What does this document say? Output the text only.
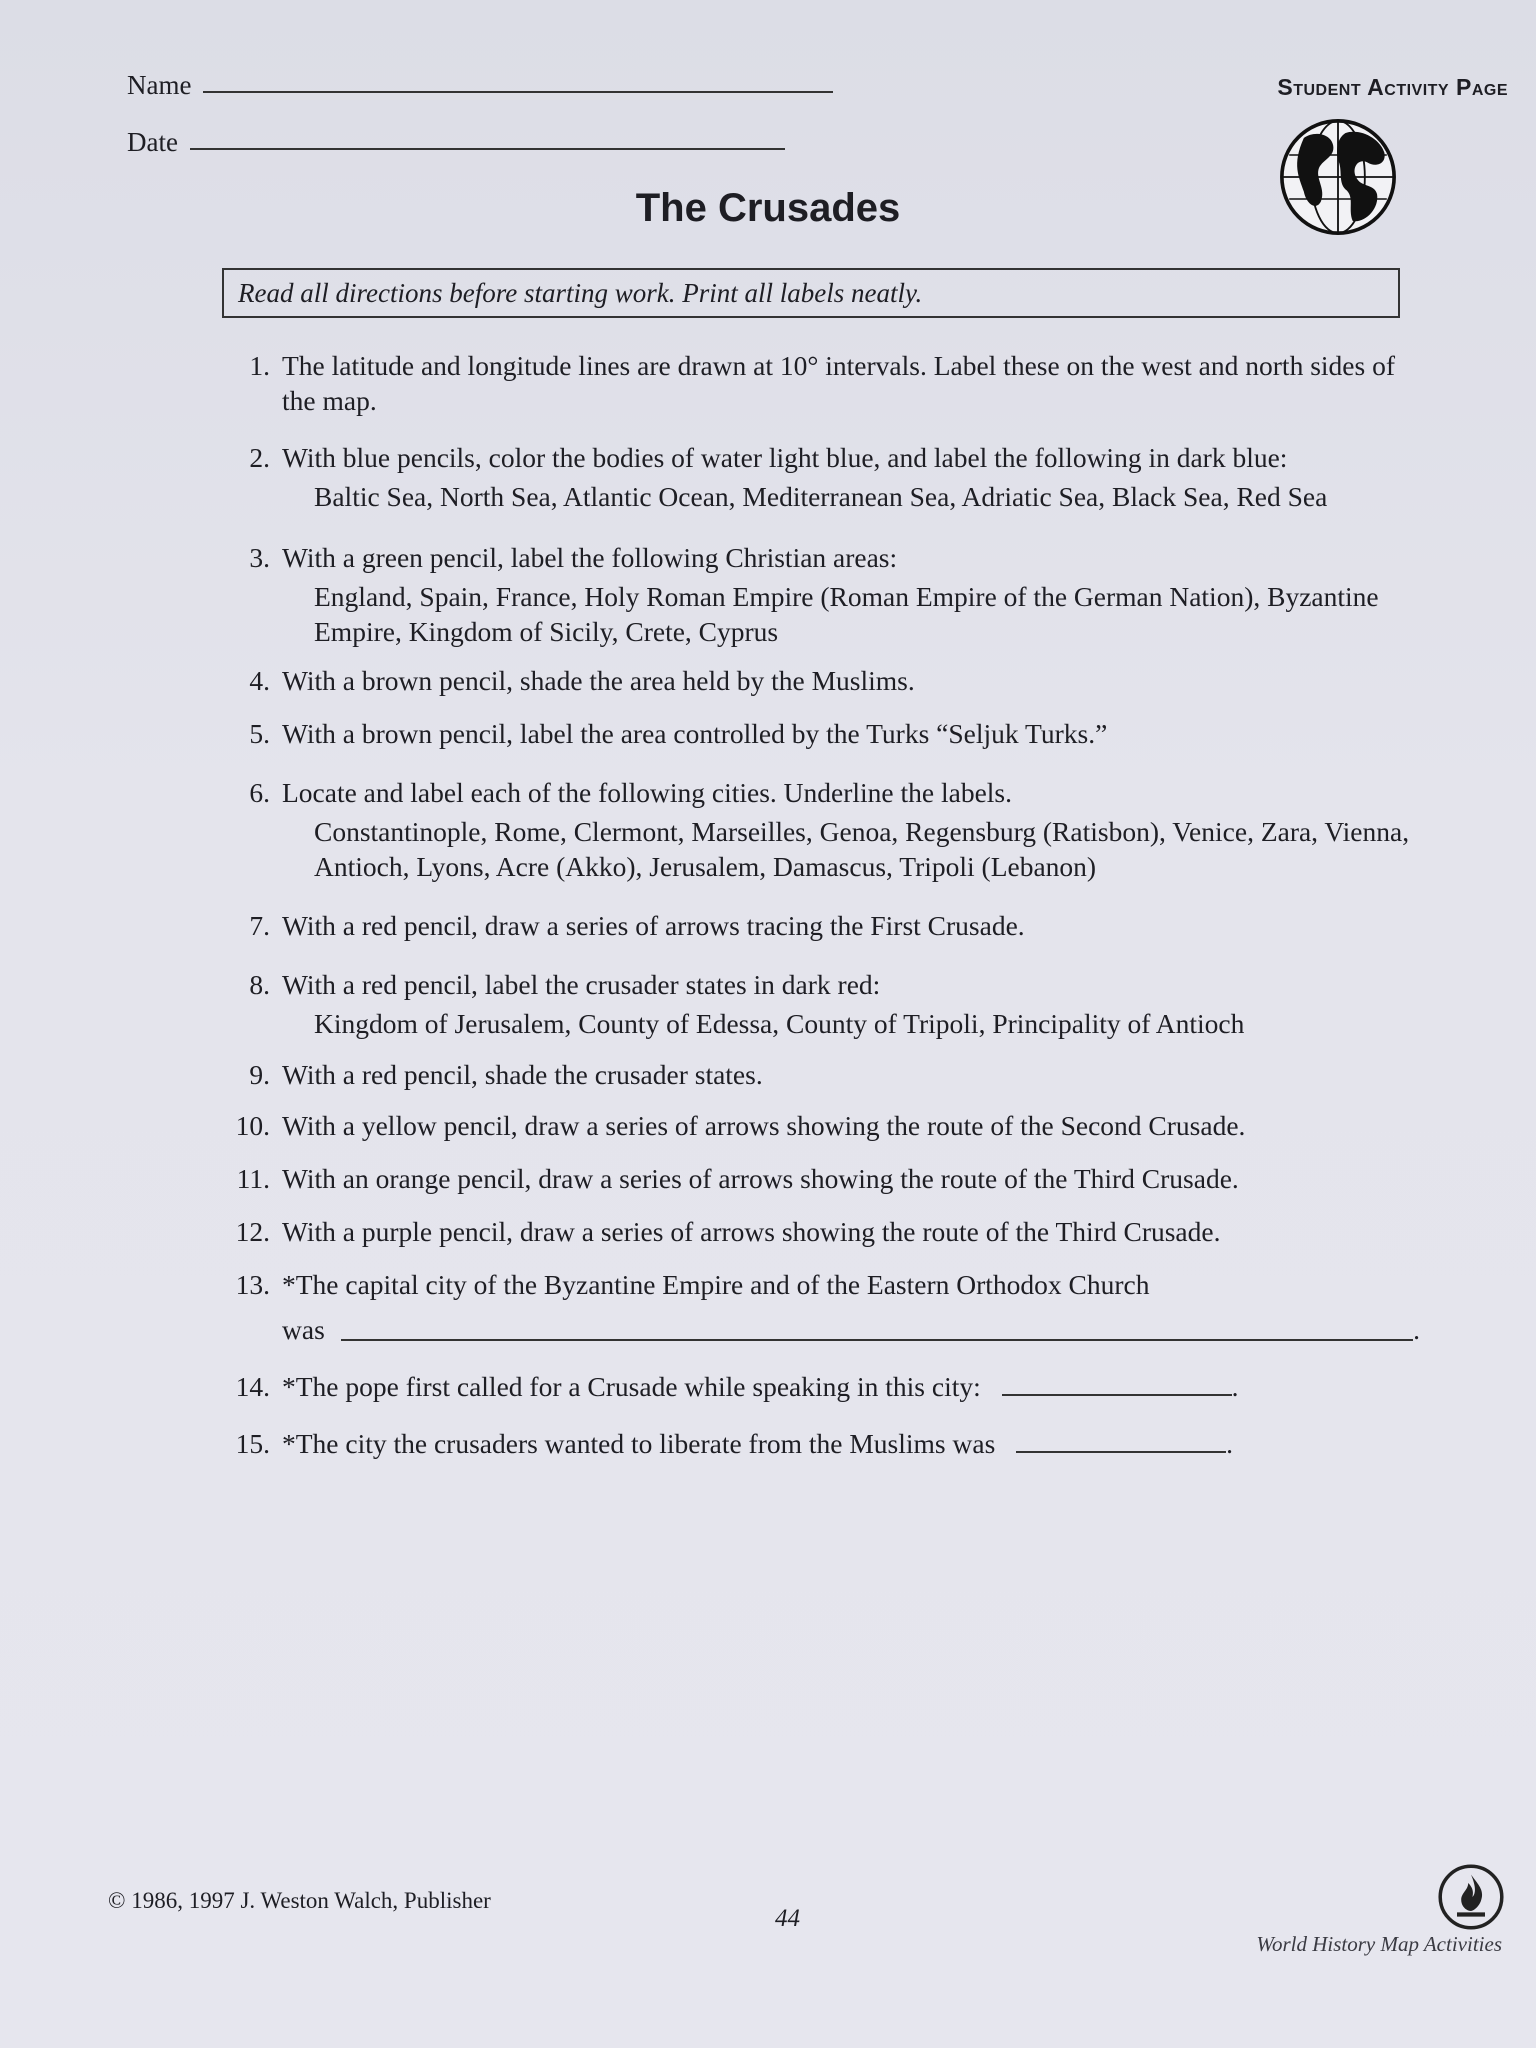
Name
Date
Student Activity Page
The Crusades
Read all directions before starting work. Print all labels neatly.
1. The latitude and longitude lines are drawn at 10° intervals. Label these on the west and north sides of the map.
2. With blue pencils, color the bodies of water light blue, and label the following in dark blue:
Baltic Sea, North Sea, Atlantic Ocean, Mediterranean Sea, Adriatic Sea, Black Sea, Red Sea
3. With a green pencil, label the following Christian areas:
England, Spain, France, Holy Roman Empire (Roman Empire of the German Nation), Byzantine Empire, Kingdom of Sicily, Crete, Cyprus
4. With a brown pencil, shade the area held by the Muslims.
5. With a brown pencil, label the area controlled by the Turks “Seljuk Turks.”
6. Locate and label each of the following cities. Underline the labels.
Constantinople, Rome, Clermont, Marseilles, Genoa, Regensburg (Ratisbon), Venice, Zara, Vienna, Antioch, Lyons, Acre (Akko), Jerusalem, Damascus, Tripoli (Lebanon)
7. With a red pencil, draw a series of arrows tracing the First Crusade.
8. With a red pencil, label the crusader states in dark red:
Kingdom of Jerusalem, County of Edessa, County of Tripoli, Principality of Antioch
9. With a red pencil, shade the crusader states.
10. With a yellow pencil, draw a series of arrows showing the route of the Second Crusade.
11. With an orange pencil, draw a series of arrows showing the route of the Third Crusade.
12. With a purple pencil, draw a series of arrows showing the route of the Third Crusade.
13. *The capital city of the Byzantine Empire and of the Eastern Orthodox Church
was	.
14. *The pope first called for a Crusade while speaking in this city:	.
15. *The city the crusaders wanted to liberate from the Muslims was	.
© 1986, 1997 J. Weston Walch, Publisher
44
World History Map Activities
